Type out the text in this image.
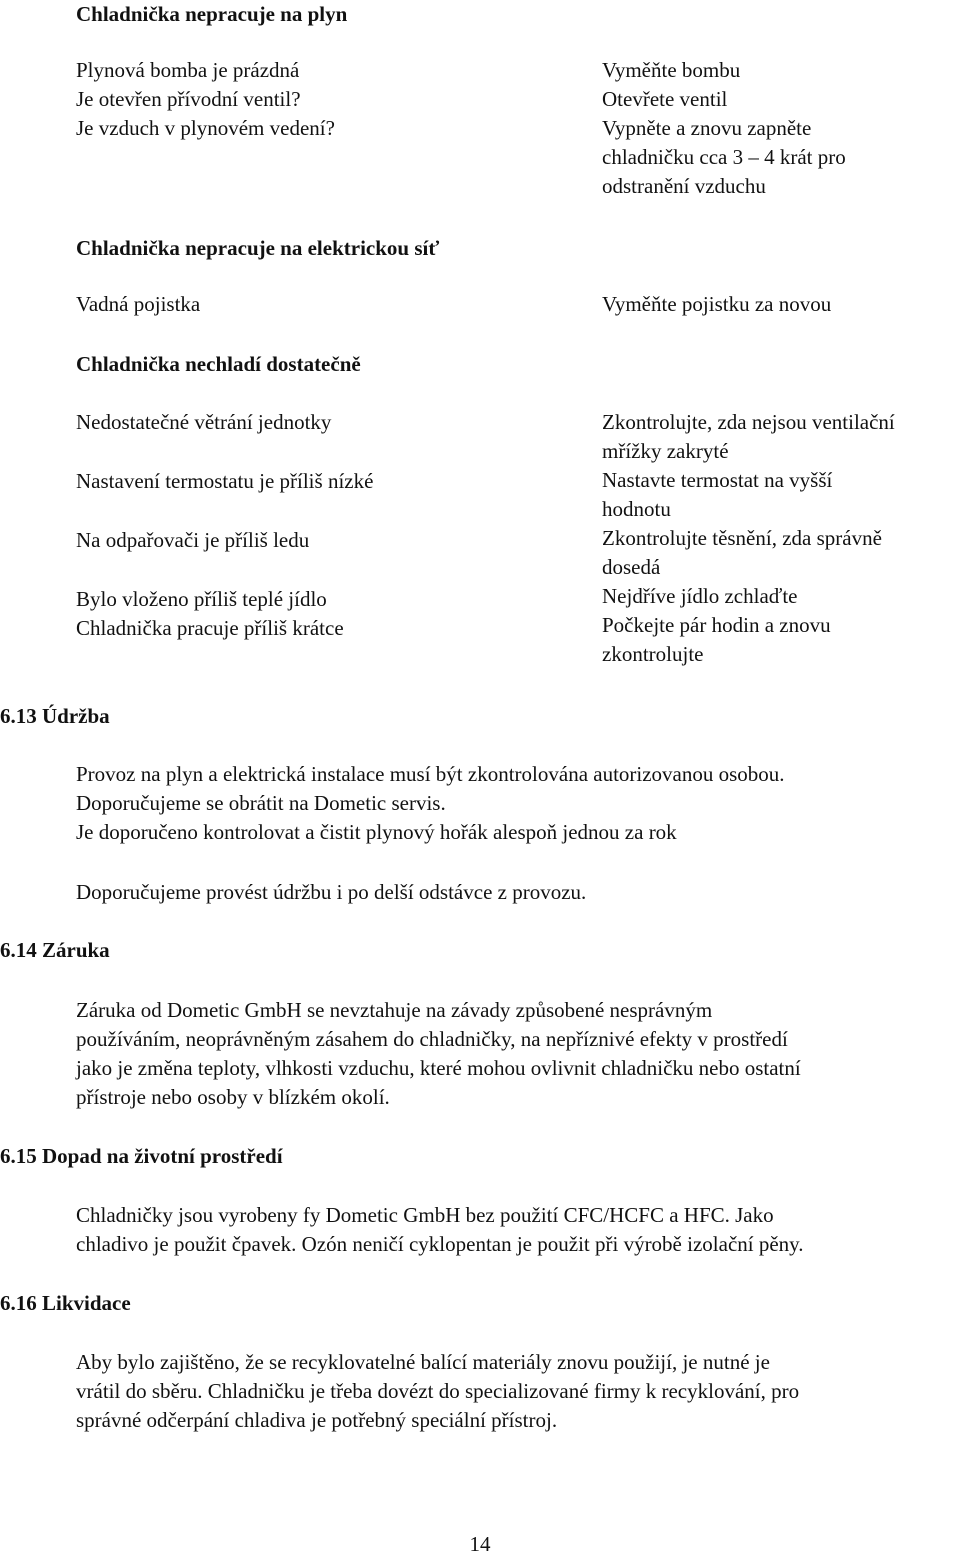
Chladnička nepracuje na plyn
Plynová bomba je prázdná
Je otevřen přívodní ventil?
Je vzduch v plynovém vedení?
Vyměňte bombu
Otevřete ventil
Vypněte a znovu zapněte
chladničku cca 3 – 4 krát pro
odstranění vzduchu
Chladnička nepracuje na elektrickou síť
Vadná pojistka	Vyměňte pojistku za novou
Chladnička nechladí dostatečně
Nedostatečné větrání jednotky
Nastavení termostatu je příliš nízké
Na odpařovači je příliš ledu
Bylo vloženo příliš teplé jídlo
Chladnička pracuje příliš krátce
Zkontrolujte, zda nejsou ventilační
mřížky zakryté
Nastavte termostat na vyšší
hodnotu
Zkontrolujte těsnění, zda správně
dosedá
Nejdříve jídlo zchlaďte
Počkejte pár hodin a znovu
zkontrolujte
6.13 Údržba
Provoz na plyn a elektrická instalace musí být zkontrolována autorizovanou osobou.
Doporučujeme se obrátit na Dometic servis.
Je doporučeno kontrolovat a čistit plynový hořák alespoň jednou za rok
Doporučujeme provést údržbu i po delší odstávce z provozu.
6.14 Záruka
Záruka od Dometic GmbH se nevztahuje na závady způsobené nesprávným
používáním, neoprávněným zásahem do chladničky, na nepříznivé efekty v prostředí
jako je změna teploty, vlhkosti vzduchu, které mohou ovlivnit chladničku nebo ostatní
přístroje nebo osoby v blízkém okolí.
6.15 Dopad na životní prostředí
Chladničky jsou vyrobeny fy Dometic GmbH bez použití CFC/HCFC a HFC. Jako
chladivo je použit čpavek. Ozón neničí cyklopentan je použit při výrobě izolační pěny.
6.16 Likvidace
Aby bylo zajištěno, že se recyklovatelné balící materiály znovu použijí, je nutné je
vrátil do sběru. Chladničku je třeba dovézt do specializované firmy k recyklování, pro
správné odčerpání chladiva je potřebný speciální přístroj.
14
